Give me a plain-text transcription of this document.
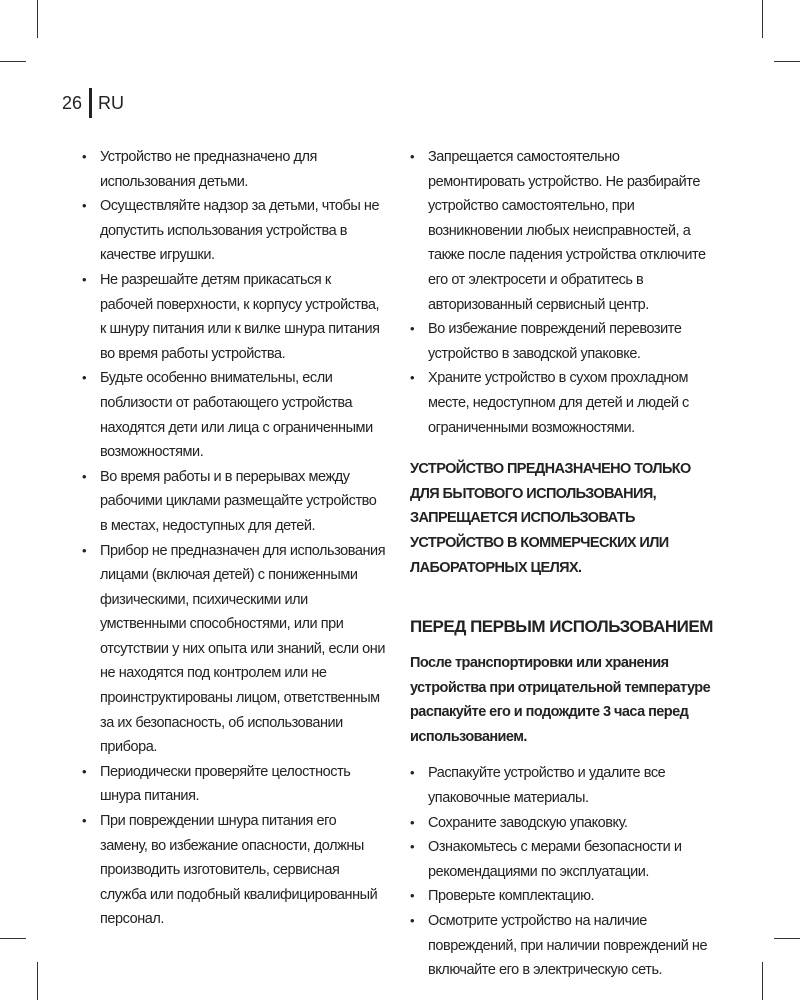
26 RU
• Устройство не предназначено для использования детьми.
• Осуществляйте надзор за детьми, чтобы не допустить использования устройства в качестве игрушки.
• Не разрешайте детям прикасаться к рабочей поверхности, к корпусу устройства, к шнуру питания или к вилке шнура питания во время работы устройства.
• Будьте особенно внимательны, если поблизости от работающего устройства находятся дети или лица с ограниченными возможностями.
• Во время работы и в перерывах между рабочими циклами размещайте устройство в местах, недоступных для детей.
• Прибор не предназначен для использования лицами (включая детей) с пониженными физическими, психическими или умственными способностями, или при отсутствии у них опыта или знаний, если они не находятся под контролем или не проинструктированы лицом, ответственным за их безопасность, об использовании прибора.
• Периодически проверяйте целостность шнура питания.
• При повреждении шнура питания его замену, во избежание опасности, должны производить изготовитель, сервисная служба или подобный квалифицированный персонал.
• Запрещается самостоятельно ремонтировать устройство. Не разбирайте устройство самостоятельно, при возникновении любых неисправностей, а также после падения устройства отключите его от электросети и обратитесь в авторизованный сервисный центр.
• Во избежание повреждений перевозите устройство в заводской упаковке.
• Храните устройство в сухом прохладном месте, недоступном для детей и людей с ограниченными возможностями.

УСТРОЙСТВО ПРЕДНАЗНАЧЕНО ТОЛЬКО ДЛЯ БЫТОВОГО ИСПОЛЬЗОВАНИЯ, ЗАПРЕЩАЕТСЯ ИСПОЛЬЗОВАТЬ УСТРОЙСТВО В КОММЕРЧЕСКИХ ИЛИ ЛАБОРАТОРНЫХ ЦЕЛЯХ.

ПЕРЕД ПЕРВЫМ ИСПОЛЬЗОВАНИЕМ

После транспортировки или хранения устройства при отрицательной температуре распакуйте его и подождите 3 часа перед использованием.

• Распакуйте устройство и удалите все упаковочные материалы.
• Сохраните заводскую упаковку.
• Ознакомьтесь с мерами безопасности и рекомендациями по эксплуатации.
• Проверьте комплектацию.
• Осмотрите устройство на наличие повреждений, при наличии повреждений не включайте его в электрическую сеть.
